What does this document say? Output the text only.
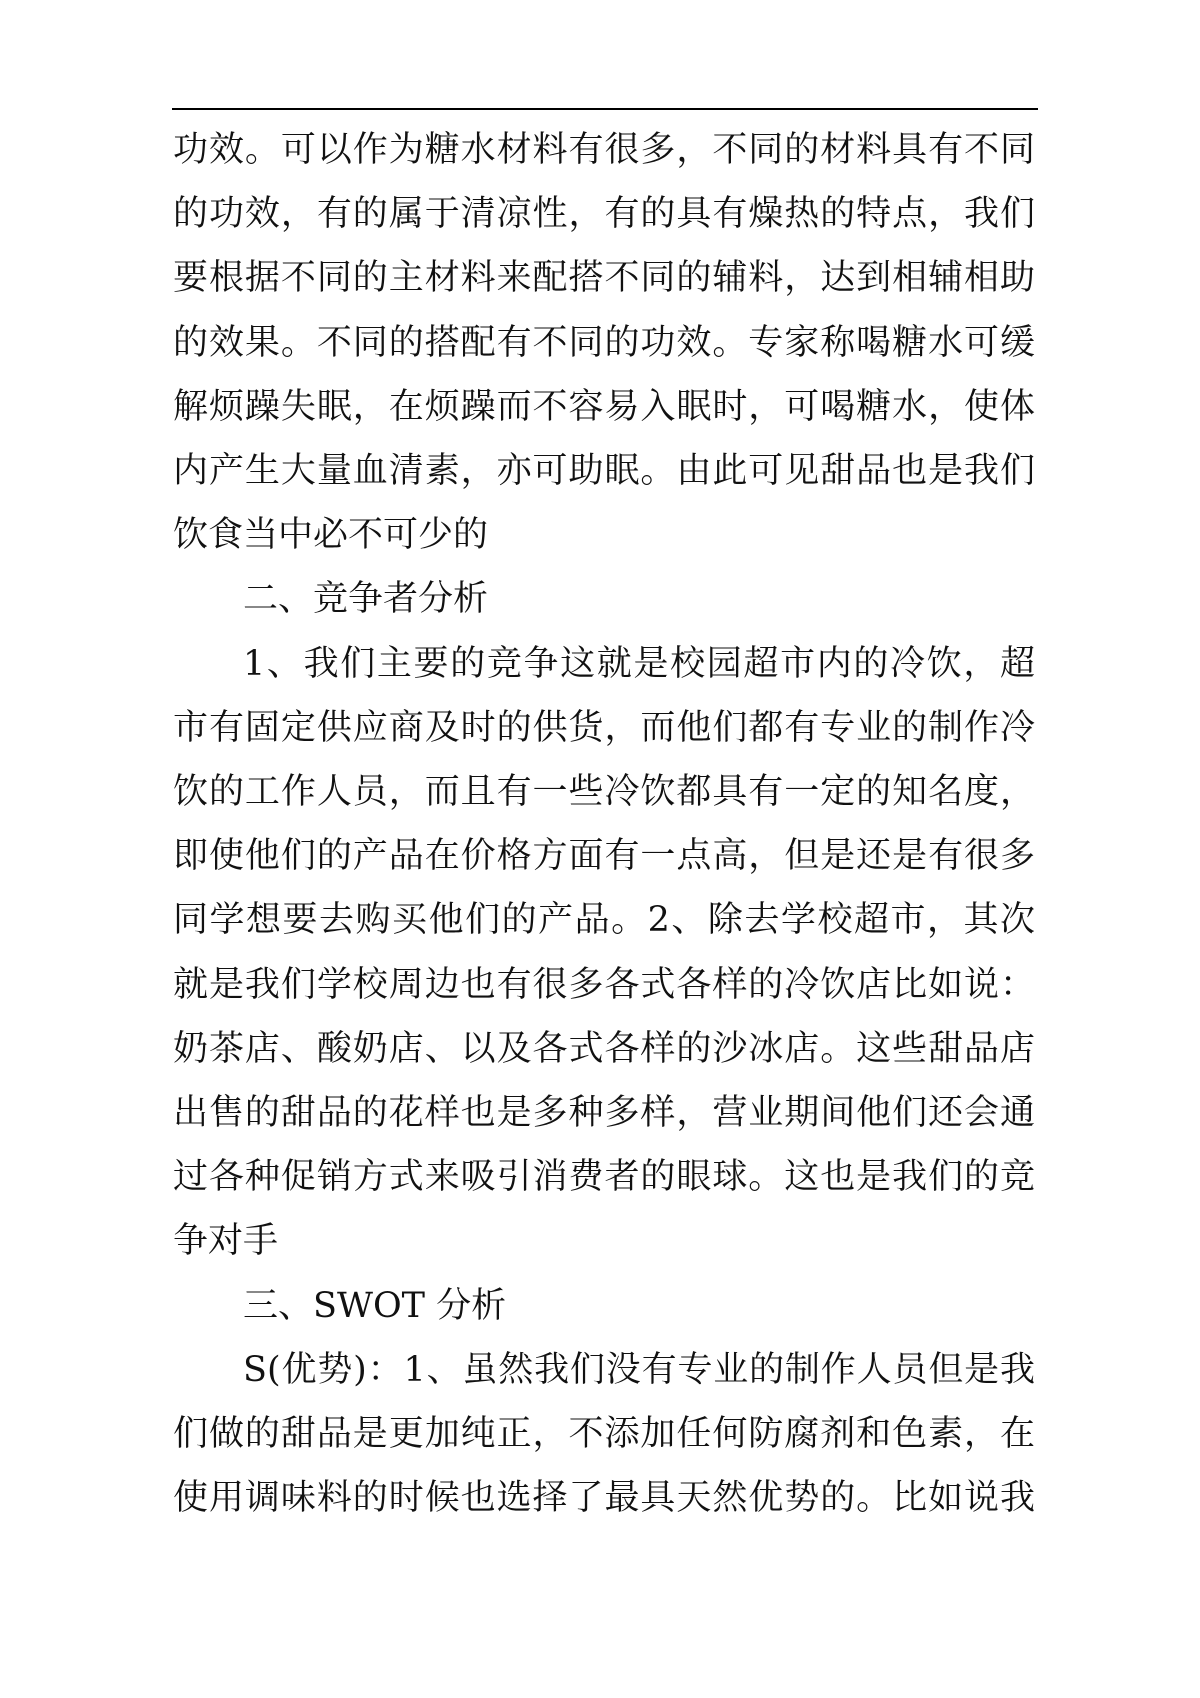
功效。可以作为糖水材料有很多，不同的材料具有不同
的功效，有的属于清凉性，有的具有燥热的特点，我们
要根据不同的主材料来配搭不同的辅料，达到相辅相助
的效果。不同的搭配有不同的功效。专家称喝糖水可缓
解烦躁失眠，在烦躁而不容易入眠时，可喝糖水，使体
内产生大量血清素，亦可助眠。由此可见甜品也是我们
饮食当中必不可少的

二、竞争者分析

1、我们主要的竞争这就是校园超市内的冷饮，超
市有固定供应商及时的供货，而他们都有专业的制作冷
饮的工作人员，而且有一些冷饮都具有一定的知名度，
即使他们的产品在价格方面有一点高，但是还是有很多
同学想要去购买他们的产品。2、除去学校超市，其次
就是我们学校周边也有很多各式各样的冷饮店比如说：
奶茶店、酸奶店、以及各式各样的沙冰店。这些甜品店
出售的甜品的花样也是多种多样，营业期间他们还会通
过各种促销方式来吸引消费者的眼球。这也是我们的竞
争对手

三、SWOT 分析

S(优势)：1、虽然我们没有专业的制作人员但是我
们做的甜品是更加纯正，不添加任何防腐剂和色素，在
使用调味料的时候也选择了最具天然优势的。比如说我
